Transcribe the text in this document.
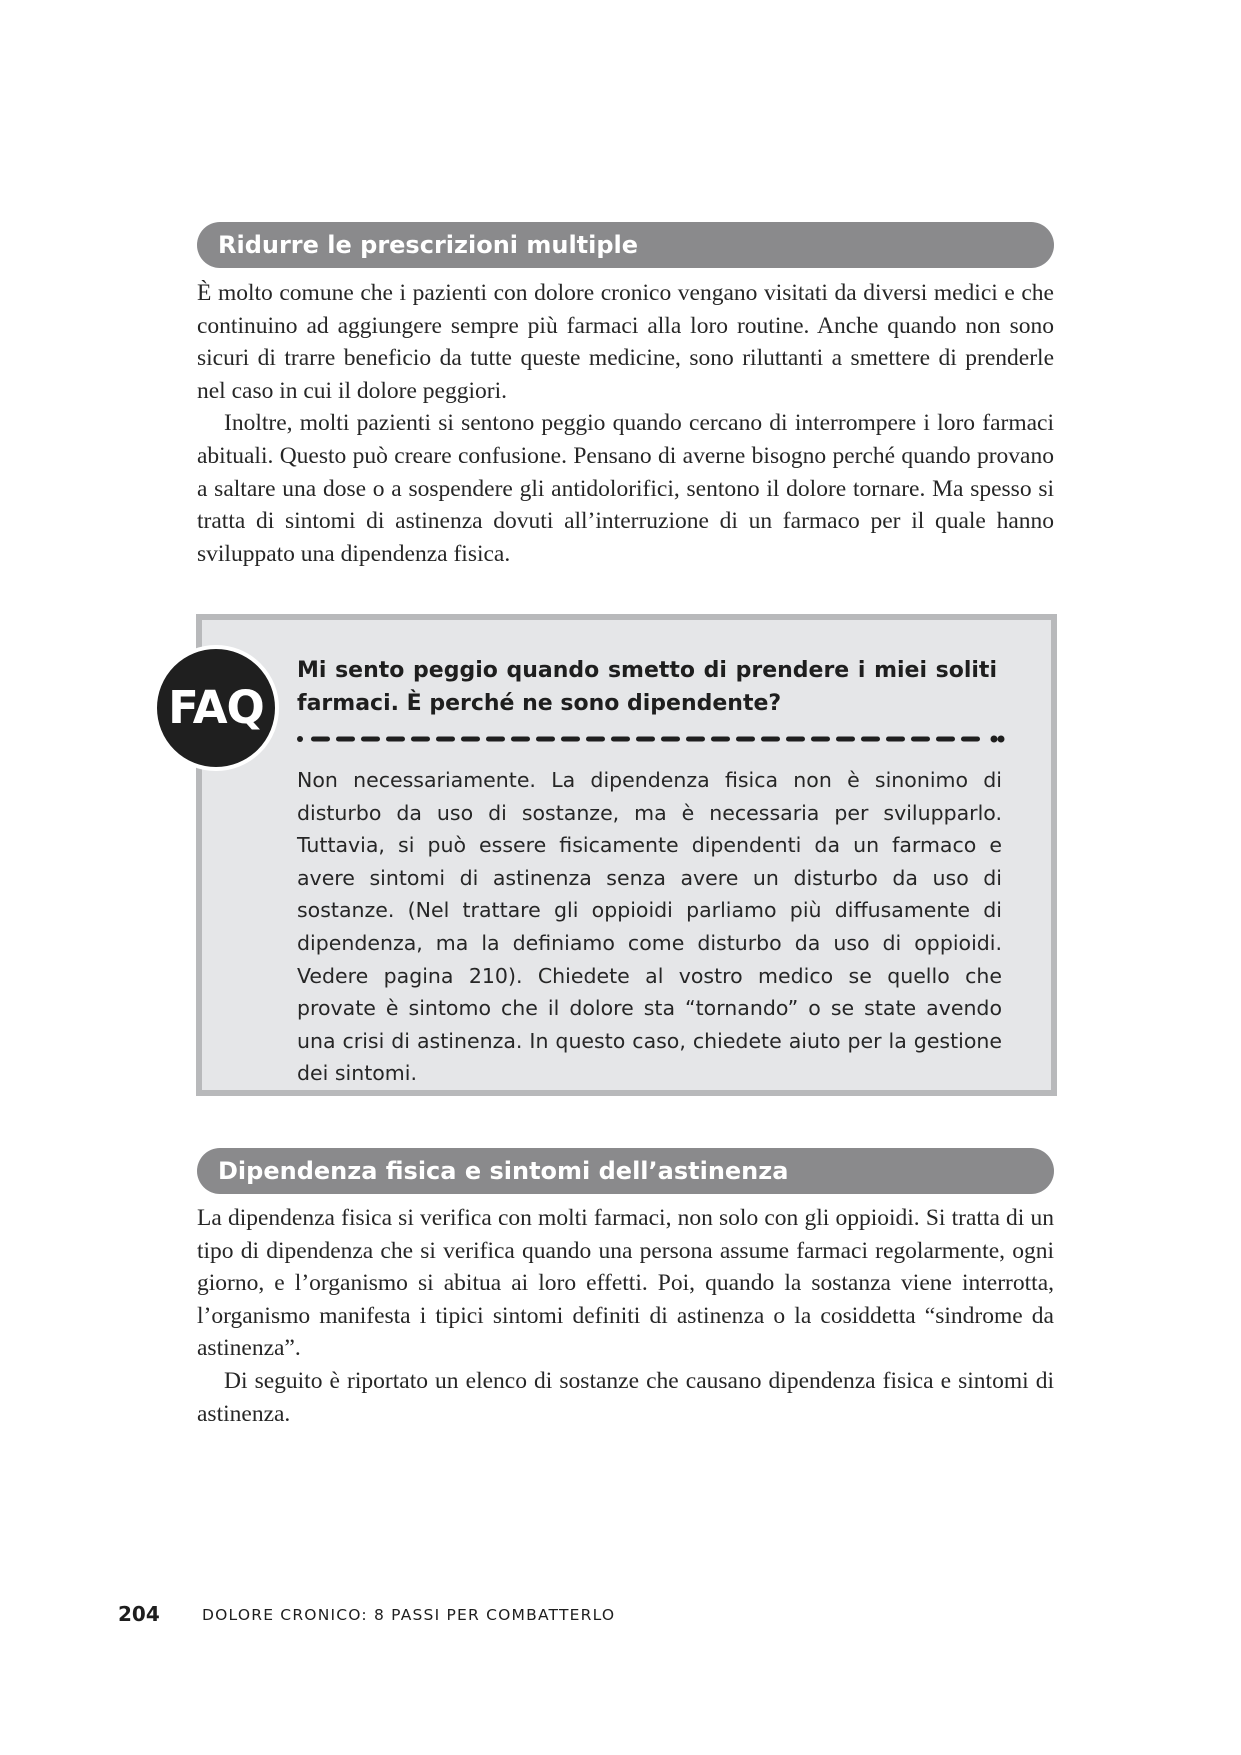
Ridurre le prescrizioni multiple

È molto comune che i pazienti con dolore cronico vengano visitati da diversi medici e che continuino ad aggiungere sempre più farmaci alla loro routine. Anche quando non sono sicuri di trarre beneficio da tutte queste medicine, sono riluttanti a smettere di prenderle nel caso in cui il dolore peggiori.

Inoltre, molti pazienti si sentono peggio quando cercano di interrompere i loro farmaci abituali. Questo può creare confusione. Pensano di averne bisogno perché quando provano a saltare una dose o a sospendere gli antidolorifici, sentono il dolore tornare. Ma spesso si tratta di sintomi di astinenza dovuti all’interruzione di un farmaco per il quale hanno sviluppato una dipendenza fisica.

FAQ
Mi sento peggio quando smetto di prendere i miei soliti farmaci. È perché ne sono dipendente?
Non necessariamente. La dipendenza fisica non è sinonimo di disturbo da uso di sostanze, ma è necessaria per svilupparlo. Tuttavia, si può essere fisicamente dipendenti da un farmaco e avere sintomi di astinenza senza avere un disturbo da uso di sostanze. (Nel trattare gli oppioidi parliamo più diffusamente di dipendenza, ma la definiamo come disturbo da uso di oppioidi. Vedere pagina 210). Chiedete al vostro medico se quello che provate è sintomo che il dolore sta “tornando” o se state avendo una crisi di astinenza. In questo caso, chiedete aiuto per la gestione dei sintomi.
Dipendenza fisica e sintomi dell’astinenza

La dipendenza fisica si verifica con molti farmaci, non solo con gli oppioidi. Si tratta di un tipo di dipendenza che si verifica quando una persona assume farmaci regolarmente, ogni giorno, e l’organismo si abitua ai loro effetti. Poi, quando la sostanza viene interrotta, l’organismo manifesta i tipici sintomi definiti di astinenza o la cosiddetta “sindrome da astinenza”.

Di seguito è riportato un elenco di sostanze che causano dipendenza fisica e sintomi di astinenza.

204	DOLORE CRONICO: 8 PASSI PER COMBATTERLO
